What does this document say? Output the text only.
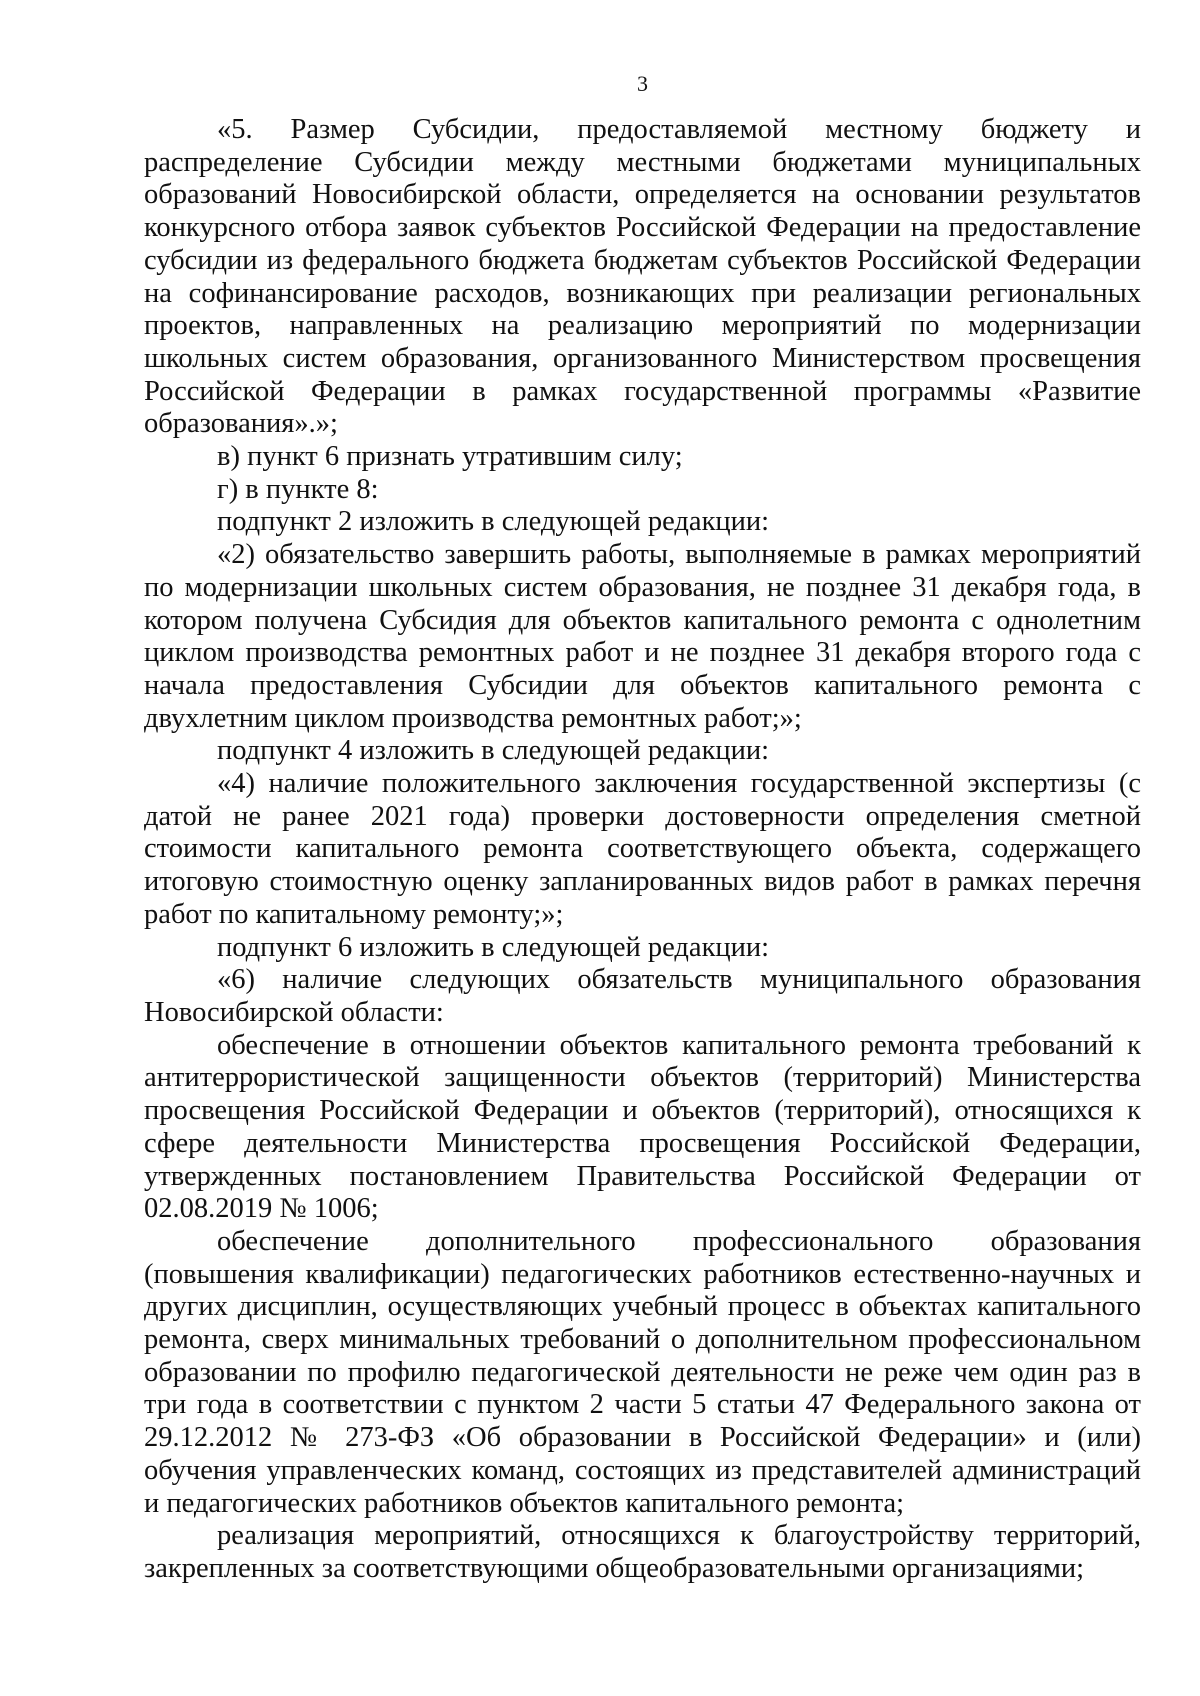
3

«5. Размер Субсидии, предоставляемой местному бюджету и распределение Субсидии между местными бюджетами муниципальных образований Новосибирской области, определяется на основании результатов конкурсного отбора заявок субъектов Российской Федерации на предоставление субсидии из федерального бюджета бюджетам субъектов Российской Федерации на софинансирование расходов, возникающих при реализации региональных проектов, направленных на реализацию мероприятий по модернизации школьных систем образования, организованного Министерством просвещения Российской Федерации в рамках государственной программы «Развитие образования».»;

в) пункт 6 признать утратившим силу;

г) в пункте 8:

подпункт 2 изложить в следующей редакции:

«2) обязательство завершить работы, выполняемые в рамках мероприятий по модернизации школьных систем образования, не позднее 31 декабря года, в котором получена Субсидия для объектов капитального ремонта с однолетним циклом производства ремонтных работ и не позднее 31 декабря второго года с начала предоставления Субсидии для объектов капитального ремонта с двухлетним циклом производства ремонтных работ;»;

подпункт 4 изложить в следующей редакции:

«4) наличие положительного заключения государственной экспертизы (с датой не ранее 2021 года) проверки достоверности определения сметной стоимости капитального ремонта соответствующего объекта, содержащего итоговую стоимостную оценку запланированных видов работ в рамках перечня работ по капитальному ремонту;»;

подпункт 6 изложить в следующей редакции:

«6) наличие следующих обязательств муниципального образования Новосибирской области:

обеспечение в отношении объектов капитального ремонта требований к антитеррористической защищенности объектов (территорий) Министерства просвещения Российской Федерации и объектов (территорий), относящихся к сфере деятельности Министерства просвещения Российской Федерации, утвержденных постановлением Правительства Российской Федерации от 02.08.2019 № 1006;

обеспечение дополнительного профессионального образования (повышения квалификации) педагогических работников естественно-научных и других дисциплин, осуществляющих учебный процесс в объектах капитального ремонта, сверх минимальных требований о дополнительном профессиональном образовании по профилю педагогической деятельности не реже чем один раз в три года в соответствии с пунктом 2 части 5 статьи 47 Федерального закона от 29.12.2012 № 273-ФЗ «Об образовании в Российской Федерации» и (или) обучения управленческих команд, состоящих из представителей администраций и педагогических работников объектов капитального ремонта;

реализация мероприятий, относящихся к благоустройству территорий, закрепленных за соответствующими общеобразовательными организациями;
